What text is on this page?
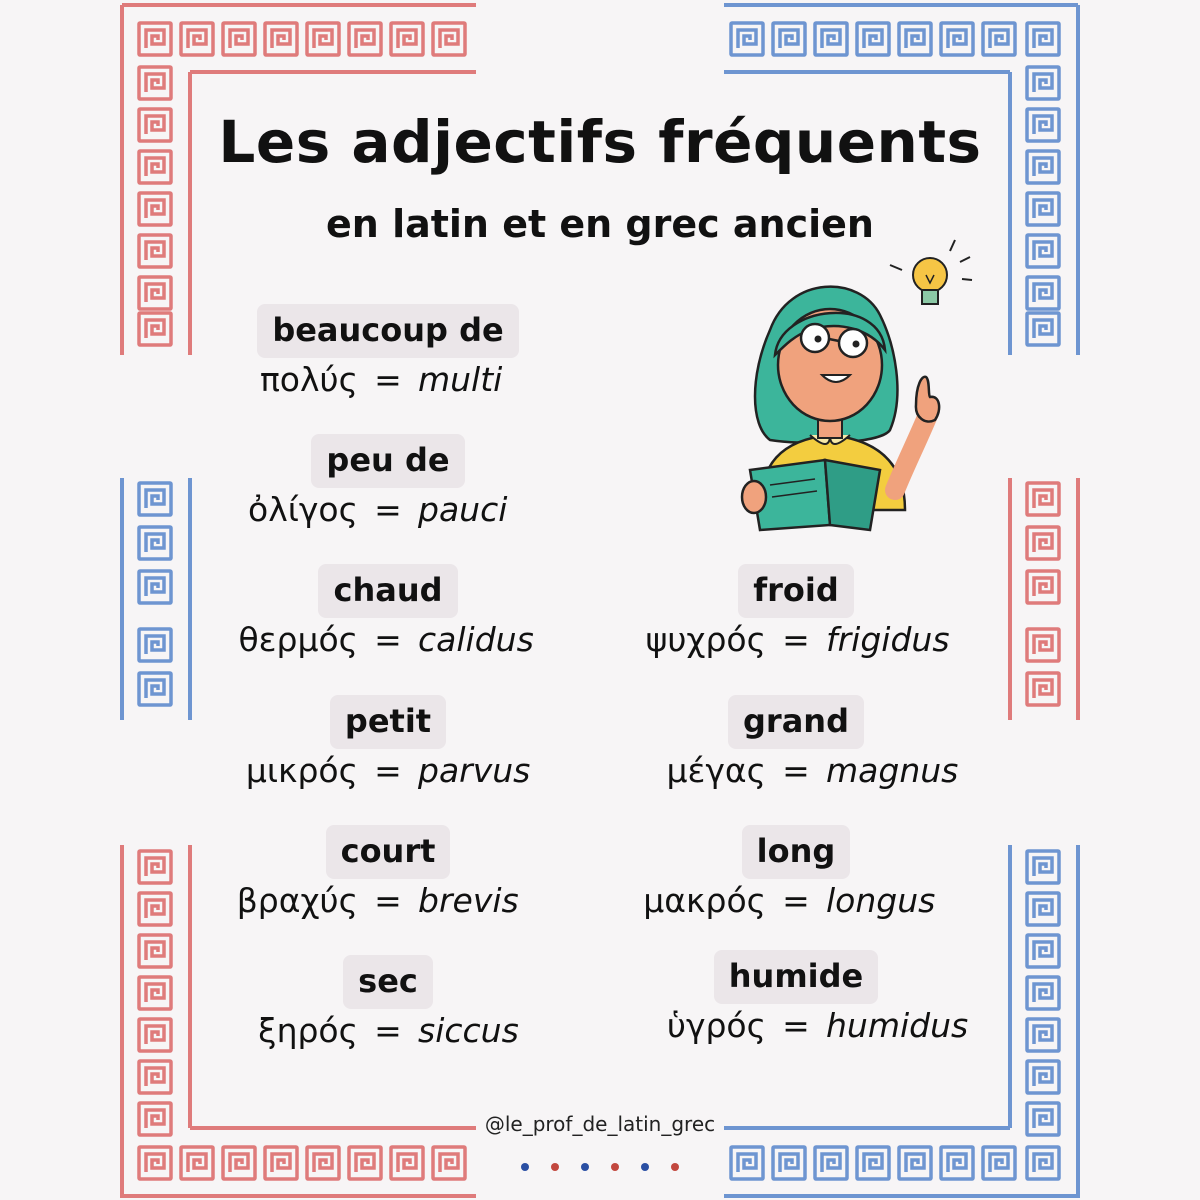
Les adjectifs fréquents
en latin et en grec ancien
beaucoup de
πολύς = multi
peu de
ὀλίγος = pauci
chaud
θερμός = calidus
petit
μικρός = parvus
court
βραχύς = brevis
sec
ξηρός = siccus
froid
ψυχρός = frigidus
grand
μέγας = magnus
long
μακρός = longus
humide
ὑγρός = humidus
@le_prof_de_latin_grec
